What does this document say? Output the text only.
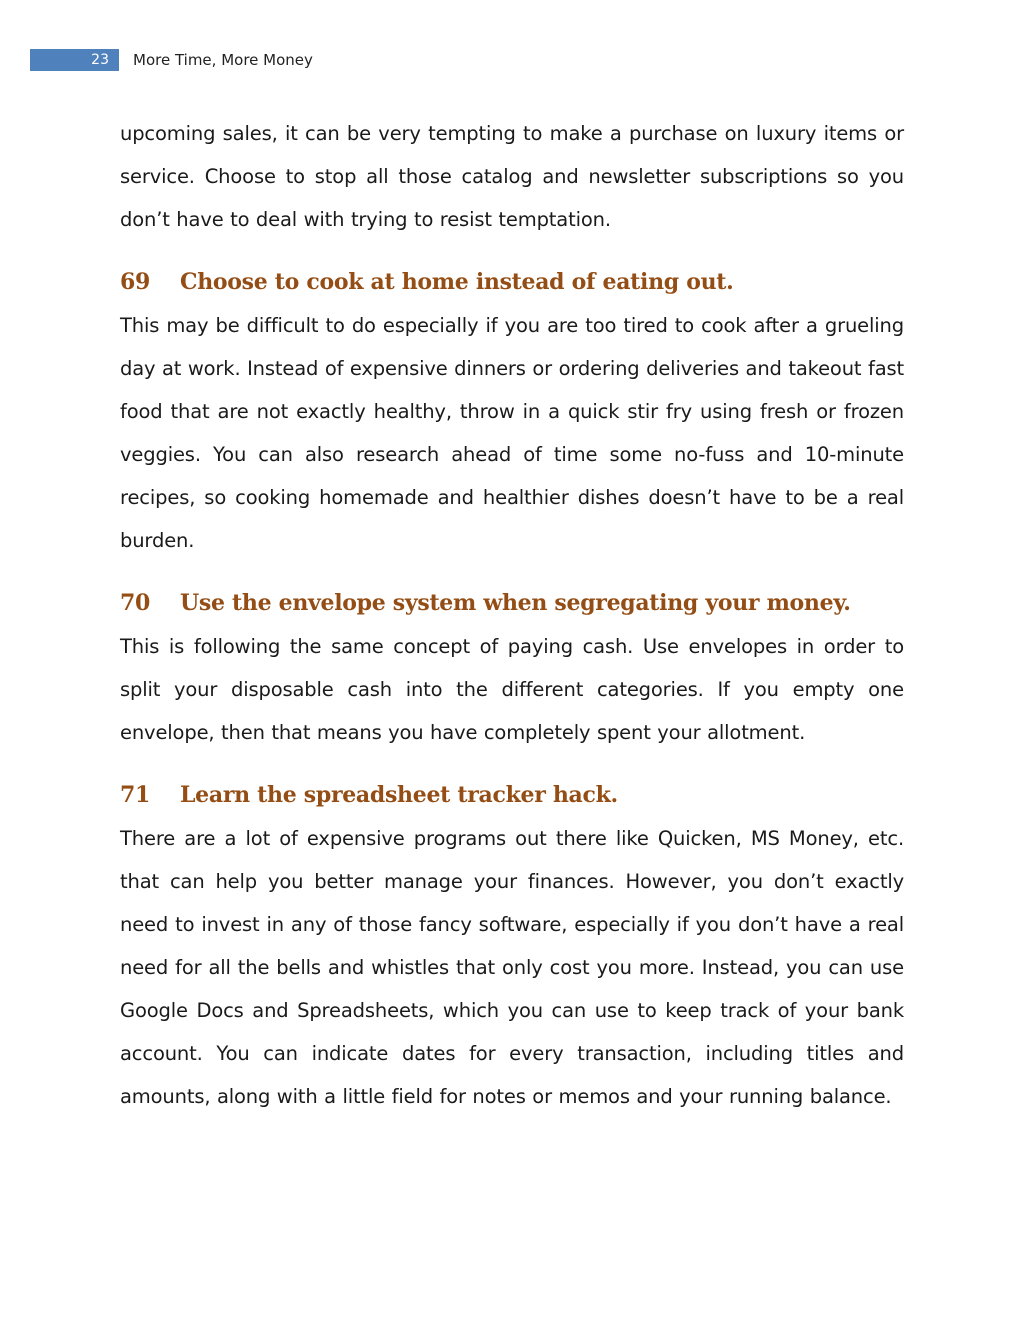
23	More Time, More Money

upcoming sales, it can be very tempting to make a purchase on luxury items or service. Choose to stop all those catalog and newsletter subscriptions so you don’t have to deal with trying to resist temptation.

69	Choose to cook at home instead of eating out.

This may be difficult to do especially if you are too tired to cook after a grueling day at work. Instead of expensive dinners or ordering deliveries and takeout fast food that are not exactly healthy, throw in a quick stir fry using fresh or frozen veggies. You can also research ahead of time some no-fuss and 10-minute recipes, so cooking homemade and healthier dishes doesn’t have to be a real burden.

70	Use the envelope system when segregating your money.

This is following the same concept of paying cash. Use envelopes in order to split your disposable cash into the different categories. If you empty one envelope, then that means you have completely spent your allotment.

71	Learn the spreadsheet tracker hack.

There are a lot of expensive programs out there like Quicken, MS Money, etc. that can help you better manage your finances. However, you don’t exactly need to invest in any of those fancy software, especially if you don’t have a real need for all the bells and whistles that only cost you more. Instead, you can use Google Docs and Spreadsheets, which you can use to keep track of your bank account. You can indicate dates for every transaction, including titles and amounts, along with a little field for notes or memos and your running balance.
